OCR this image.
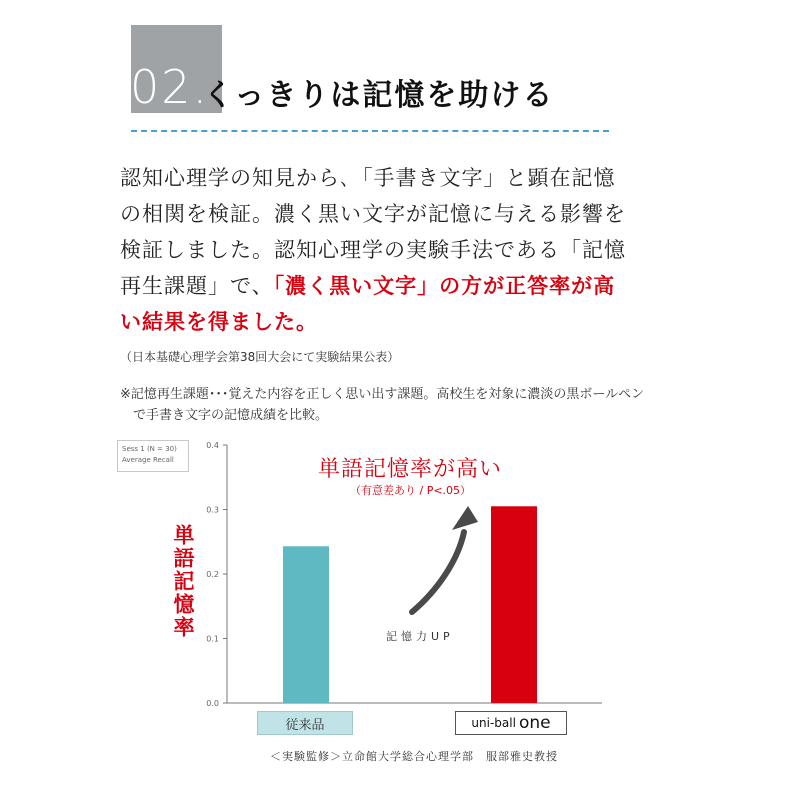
02.
くっきりは記憶を助ける
認知心理学の知見から､「手書き文字」と顕在記憶の相関を検証。濃く黒い文字が記憶に与える影響を検証しました。認知心理学の実験手法である「記憶再生課題」で、「濃く黒い文字」の方が正答率が高い結果を得ました。
（日本基礎心理学会第38回大会にて実験結果公表）
※記憶再生課題･･･覚えた内容を正しく思い出す課題。高校生を対象に濃淡の黒ボールペンで手書き文字の記憶成績を比較。
Sess 1 (N = 30)
Average Recall
0.0
0.1
0.2
0.3
0.4
単語記憶率
単語記憶率が高い
（有意差あり / P<.05）
記憶力UP
従来品	uni-ball one
＜実験監修＞立命館大学総合心理学部　服部雅史教授
